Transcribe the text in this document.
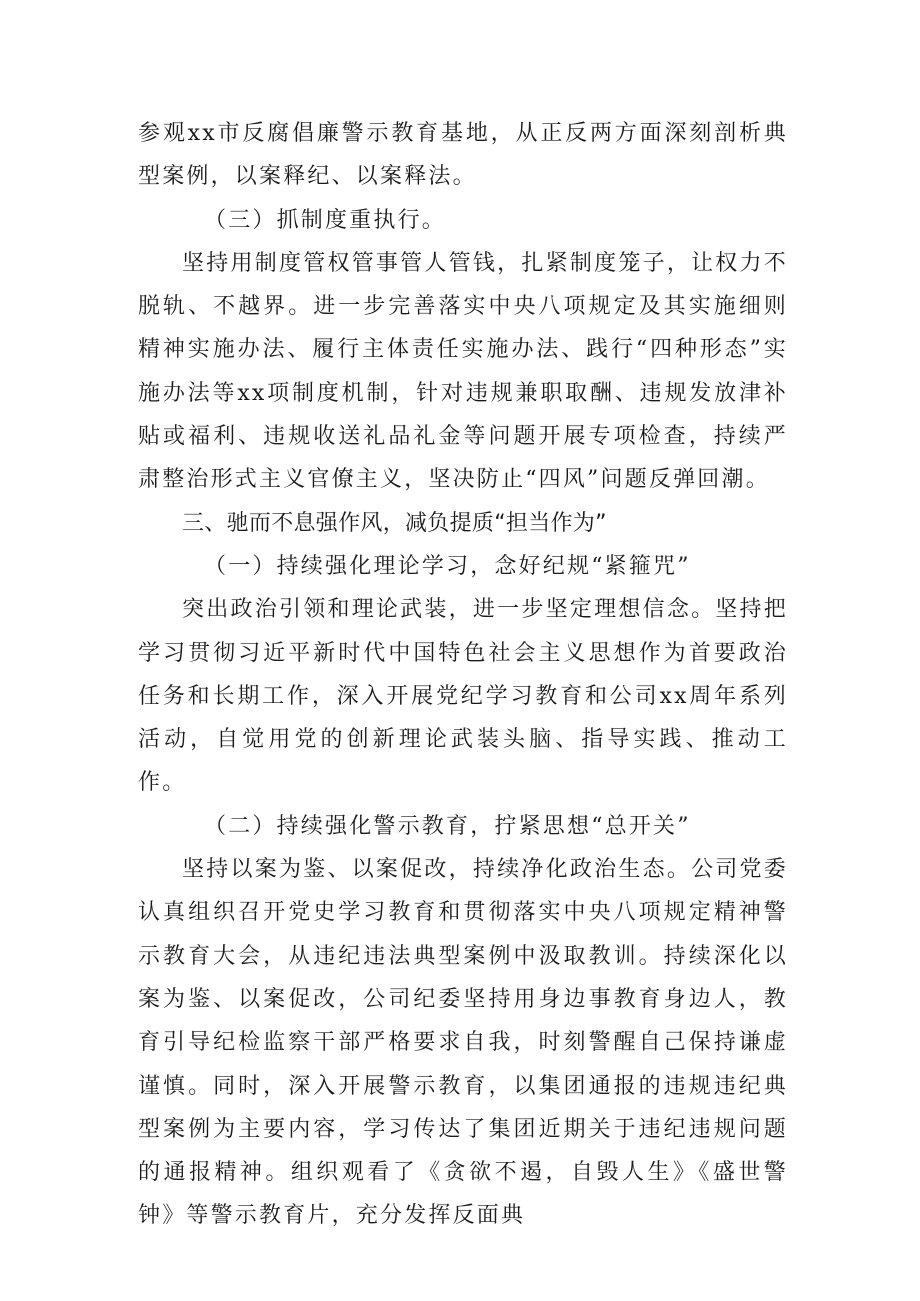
参观xx市反腐倡廉警示教育基地，从正反两方面深刻剖析典型案例，以案释纪、以案释法。

（三）抓制度重执行。

坚持用制度管权管事管人管钱，扎紧制度笼子，让权力不脱轨、不越界。进一步完善落实中央八项规定及其实施细则精神实施办法、履行主体责任实施办法、践行“四种形态”实施办法等xx项制度机制，针对违规兼职取酬、违规发放津补贴或福利、违规收送礼品礼金等问题开展专项检查，持续严肃整治形式主义官僚主义，坚决防止“四风”问题反弹回潮。

三、驰而不息强作风，减负提质“担当作为”

（一）持续强化理论学习，念好纪规“紧箍咒”

突出政治引领和理论武装，进一步坚定理想信念。坚持把学习贯彻习近平新时代中国特色社会主义思想作为首要政治任务和长期工作，深入开展党纪学习教育和公司xx周年系列活动，自觉用党的创新理论武装头脑、指导实践、推动工作。

（二）持续强化警示教育，拧紧思想“总开关”

坚持以案为鉴、以案促改，持续净化政治生态。公司党委认真组织召开党史学习教育和贯彻落实中央八项规定精神警示教育大会，从违纪违法典型案例中汲取教训。持续深化以案为鉴、以案促改，公司纪委坚持用身边事教育身边人，教育引导纪检监察干部严格要求自我，时刻警醒自己保持谦虚谨慎。同时，深入开展警示教育，以集团通报的违规违纪典型案例为主要内容，学习传达了集团近期关于违纪违规问题的通报精神。组织观看了《贪欲不遏，自毁人生》《盛世警钟》等警示教育片，充分发挥反面典
